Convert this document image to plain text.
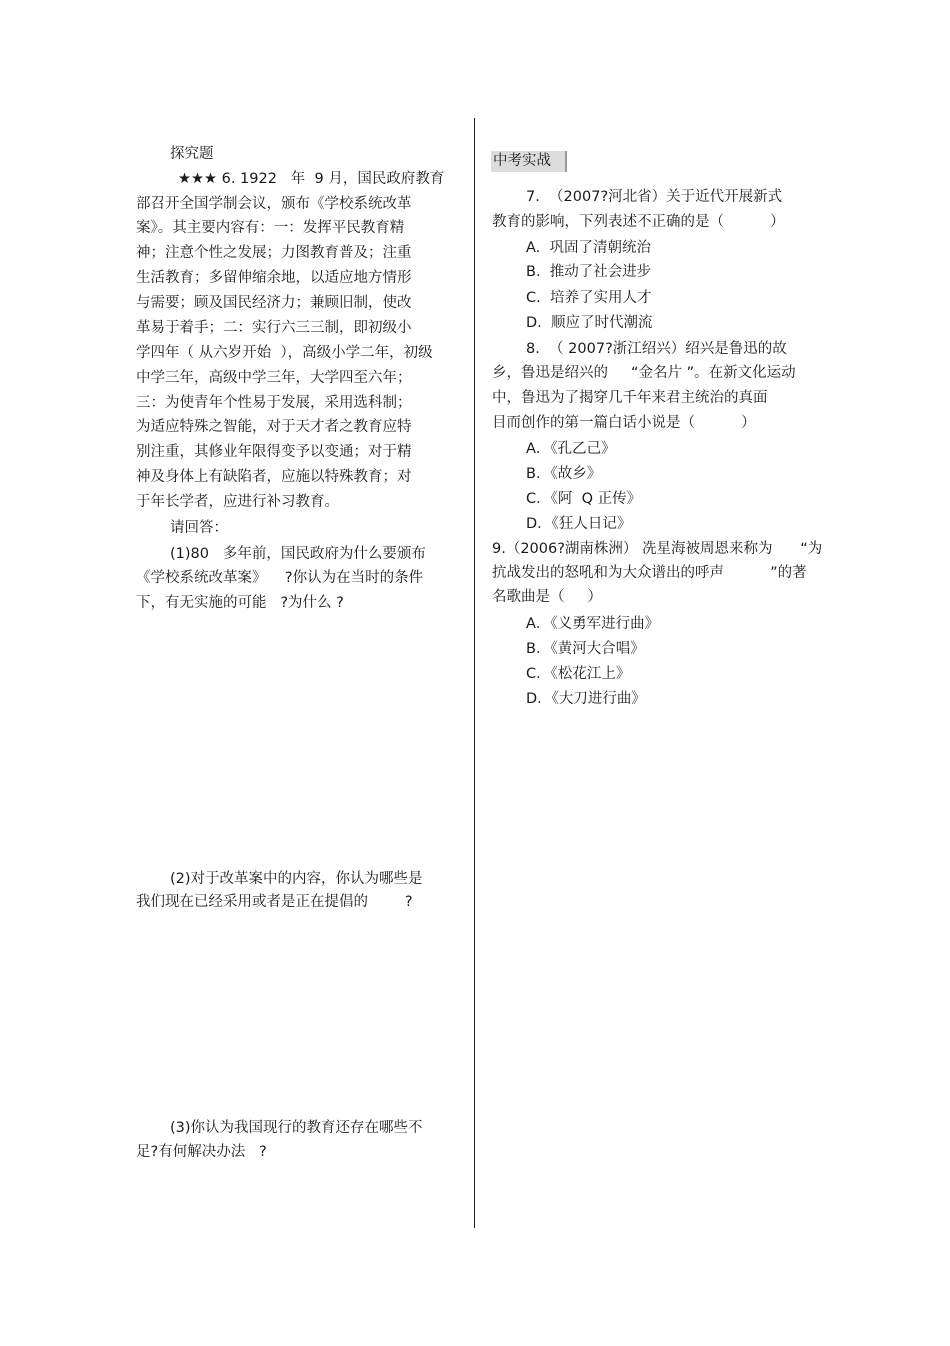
探究题
★★★ 6. 1922   年  9 月，国民政府教育
部召开全国学制会议，颁布《学校系统改革
案》。其主要内容有：一：发挥平民教育精
神；注意个性之发展；力图教育普及；注重
生活教育；多留伸缩余地，以适应地方情形
与需要；顾及国民经济力；兼顾旧制，使改
革易于着手；二：实行六三三制，即初级小
学四年（ 从六岁开始  ），高级小学二年，初级
中学三年，高级中学三年，大学四至六年；
三：为使青年个性易于发展，采用选科制；
为适应特殊之智能，对于天才者之教育应特
别注重，其修业年限得变予以变通；对于精
神及身体上有缺陷者，应施以特殊教育；对
于年长学者，应进行补习教育。
请回答：
(1)80   多年前，国民政府为什么要颁布
《学校系统改革案》    ?你认为在当时的条件
下，有无实施的可能   ?为什么 ?
(2)对于改革案中的内容，你认为哪些是
我们现在已经采用或者是正在提倡的        ?
(3)你认为我国现行的教育还存在哪些不
足?有何解决办法   ?
中考实战
7.  （2007?河北省）关于近代开展新式
教育的影响，下列表述不正确的是（          ）
A.  巩固了清朝统治
B.  推动了社会进步
C.  培养了实用人才
D.  顺应了时代潮流
8.  （ 2007?浙江绍兴）绍兴是鲁迅的故
乡，鲁迅是绍兴的     “金名片 ”。在新文化运动
中，鲁迅为了揭穿几千年来君主统治的真面
目而创作的第一篇白话小说是（          ）
A．《孔乙己》
B．《故乡》
C．《阿  Q 正传》
D．《狂人日记》
9.（2006?湖南株洲） 冼星海被周恩来称为      “为
抗战发出的怒吼和为大众谱出的呼声          ”的著
名歌曲是（     ）
A．《义勇军进行曲》
B．《黄河大合唱》
C．《松花江上》
D．《大刀进行曲》
